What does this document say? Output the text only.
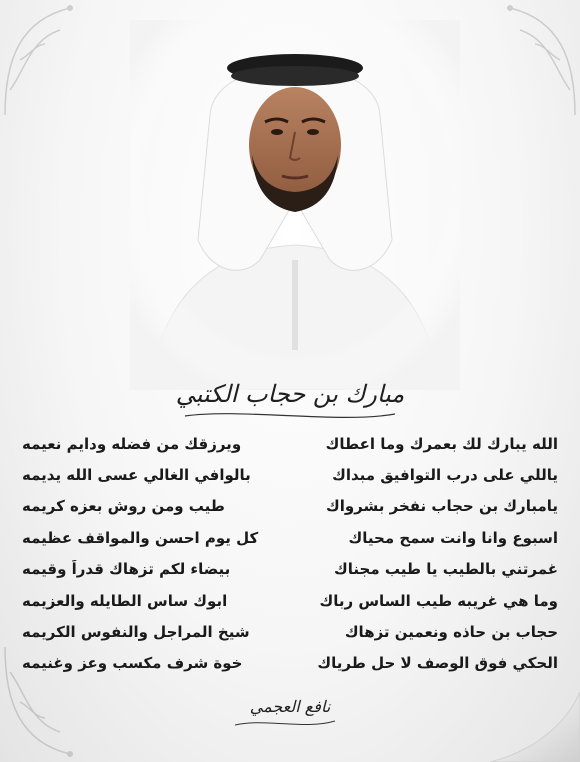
مبارك بن حجاب الكتبي
الله يبارك لك بعمرك وما اعطاك
ويرزقك من فضله ودايم نعيمه
ياللي على درب التوافيق مبداك
بالوافي الغالي عسى الله يديمه
يامبارك بن حجاب نفخر بشرواك
طيب ومن روش بعزه كريمه
اسبوع وانا وانت سمح محياك
كل يوم احسن والمواقف عظيمه
غمرتني بالطيب يا طيب مجناك
بيضاء لكم تزهاك قدراً وقيمه
وما هي غريبه طيب الساس رباك
ابوك ساس الطايله والعزيمه
حجاب بن حاذه ونعمين تزهاك
شيخ المراجل والنفوس الكريمه
الحكي فوق الوصف لا حل طرياك
خوة شرف مكسب وعز وغنيمه
نافع العجمي
